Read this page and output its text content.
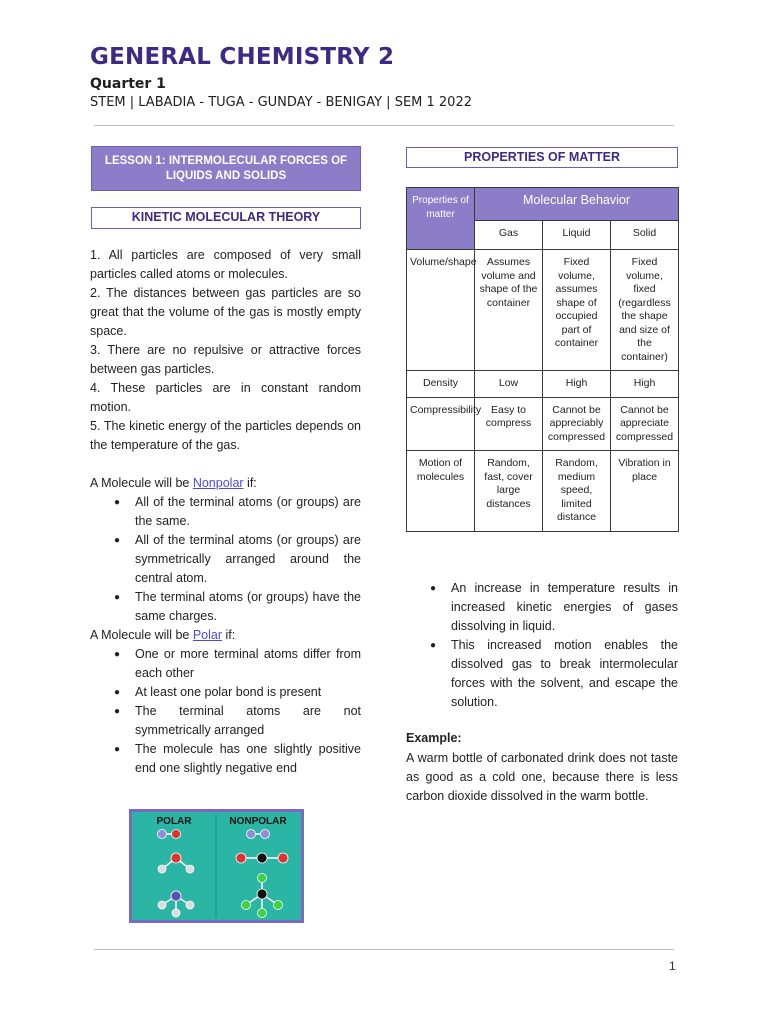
GENERAL CHEMISTRY 2
Quarter 1
STEM | LABADIA - TUGA - GUNDAY - BENIGAY | SEM 1 2022
LESSON 1: INTERMOLECULAR FORCES OF LIQUIDS AND SOLIDS
KINETIC MOLECULAR THEORY
PROPERTIES OF MATTER

1. All particles are composed of very small particles called atoms or molecules.

2. The distances between gas particles are so great that the volume of the gas is mostly empty space.

3. There are no repulsive or attractive forces between gas particles.

4. These particles are in constant random motion.

5. The kinetic energy of the particles depends on the temperature of the gas.

A Molecule will be Nonpolar if:

● All of the terminal atoms (or groups) are the same.
● All of the terminal atoms (or groups) are symmetrically arranged around the central atom.
● The terminal atoms (or groups) have the same charges.

A Molecule will be Polar if:

● One or more terminal atoms differ from each other
● At least one polar bond is present
● The terminal atoms are not symmetrically arranged
● The molecule has one slightly positive end one slightly negative end
POLAR	NONPOLAR
Properties of matter	Molecular Behavior		
	Gas	Liquid	Solid
Volume/shape	Assumes volume and shape of the container	Fixed volume, assumes shape of occupied part of container	Fixed volume, fixed (regardless the shape and size of the container)
Density	Low	High	High
Compressibility	Easy to compress	Cannot be appreciably compressed	Cannot be appreciate compressed
Motion of molecules	Random, fast, cover large distances	Random, medium speed, limited distance	Vibration in place
● An increase in temperature results in increased kinetic energies of gases dissolving in liquid.
● This increased motion enables the dissolved gas to break intermolecular forces with the solvent, and escape the solution.
Example:
A warm bottle of carbonated drink does not taste as good as a cold one, because there is less carbon dioxide dissolved in the warm bottle.
1
